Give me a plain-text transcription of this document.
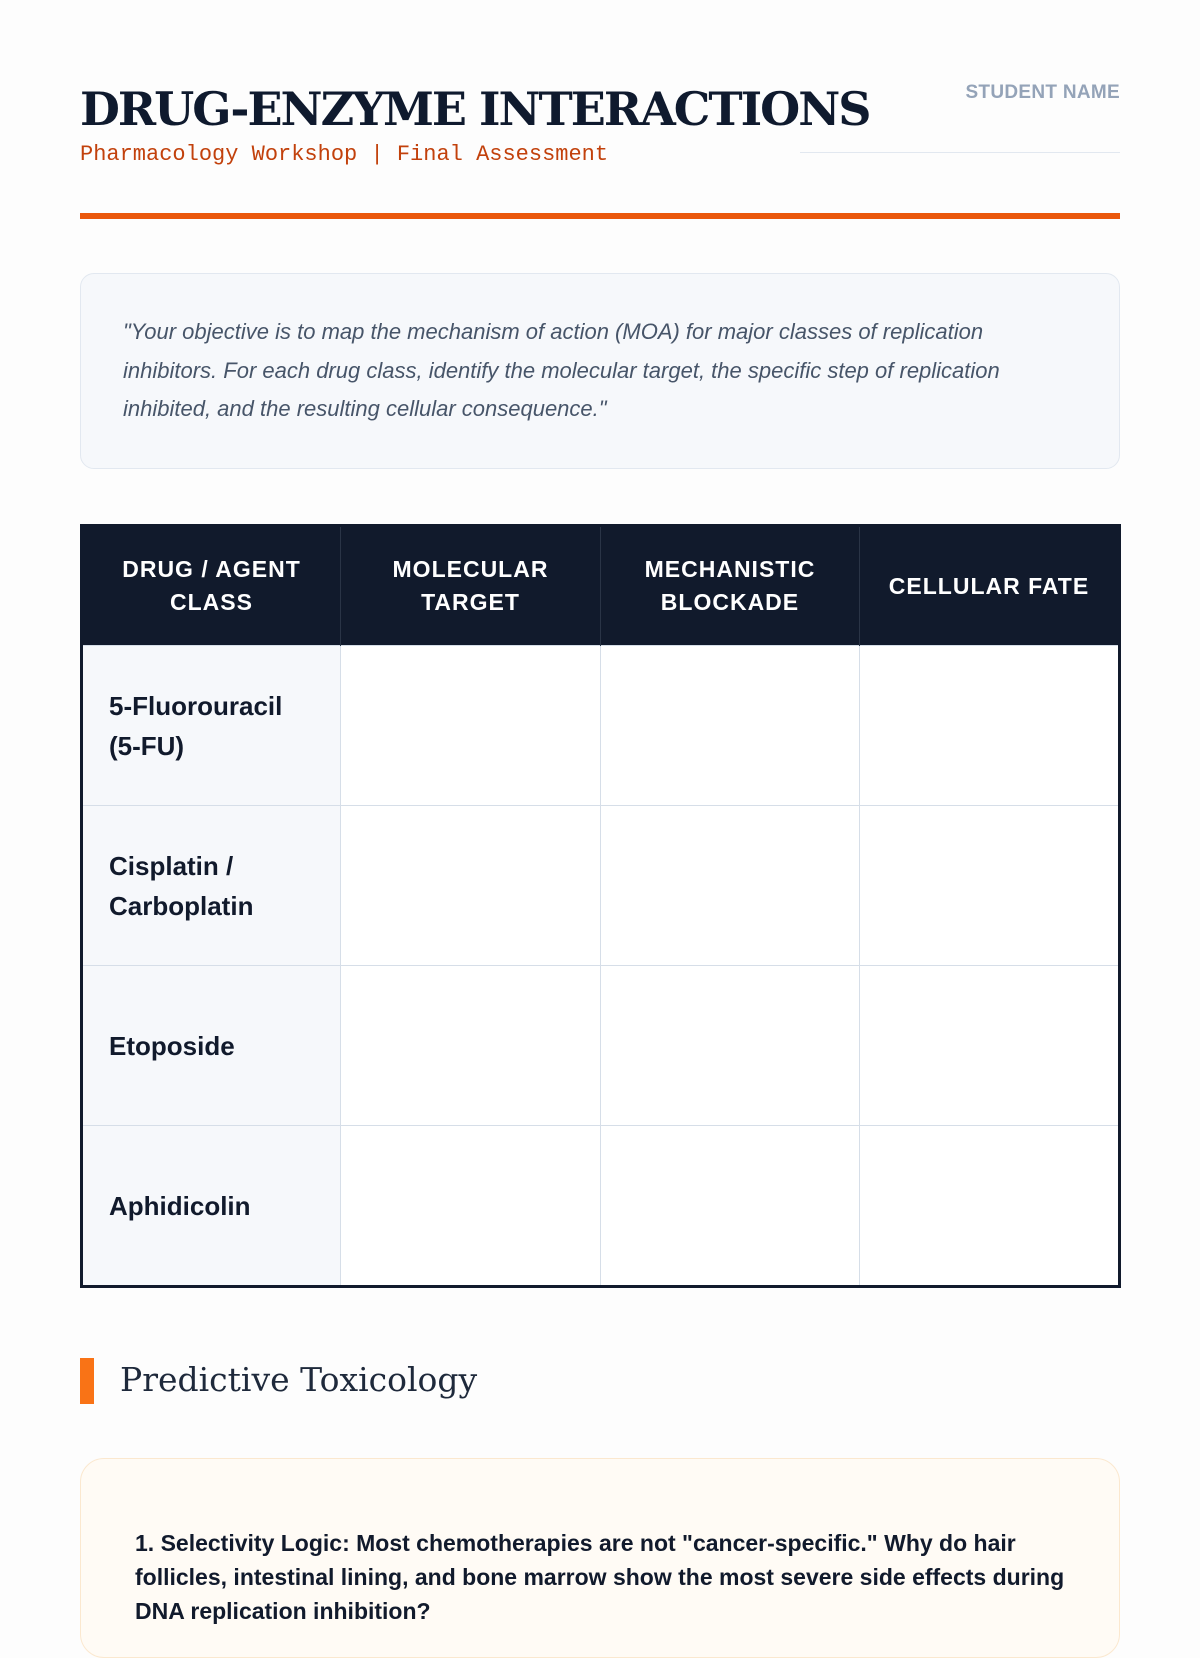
DRUG-ENZYME INTERACTIONS
Pharmacology Workshop | Final Assessment
STUDENT NAME

"Your objective is to map the mechanism of action (MOA) for major classes of replication inhibitors. For each drug class, identify the molecular target, the specific step of replication inhibited, and the resulting cellular consequence."

DRUG / AGENT CLASS	MOLECULAR TARGET	MECHANISTIC BLOCKADE	CELLULAR FATE
5-Fluorouracil (5-FU)			
Cisplatin / Carboplatin			
Etoposide			
Aphidicolin			
Predictive Toxicology

1. Selectivity Logic: Most chemotherapies are not "cancer-specific." Why do hair follicles, intestinal lining, and bone marrow show the most severe side effects during DNA replication inhibition?
